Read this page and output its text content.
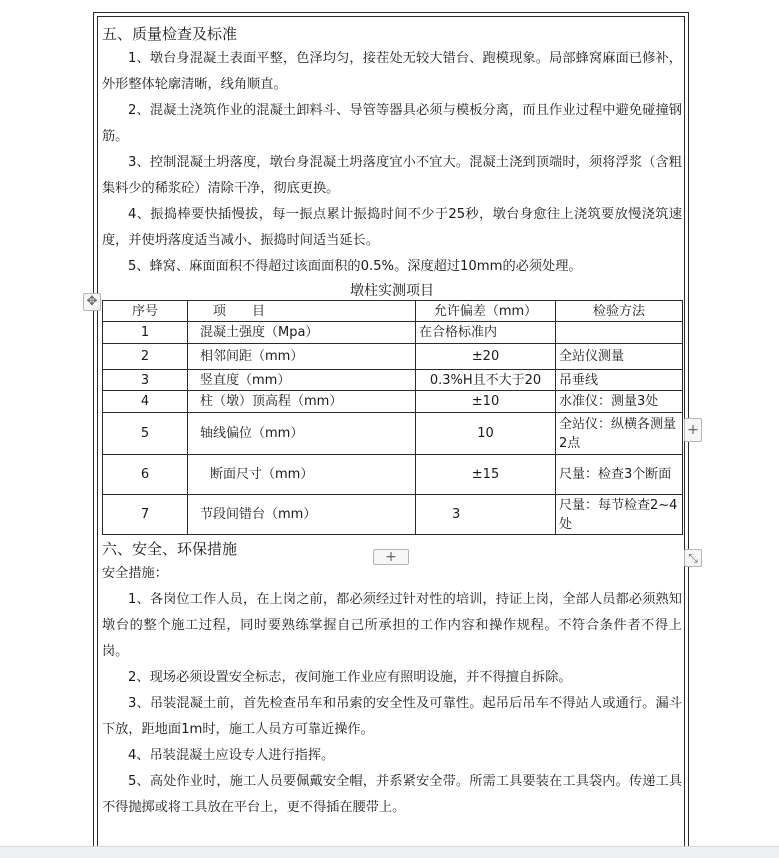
五、质量检查及标准

1、墩台身混凝土表面平整，色泽均匀，接茬处无较大错台、跑模现象。局部蜂窝麻面已修补，外形整体轮廓清晰，线角顺直。

2、混凝土浇筑作业的混凝土卸料斗、导管等器具必须与模板分离，而且作业过程中避免碰撞钢筋。

3、控制混凝土坍落度，墩台身混凝土坍落度宜小不宜大。混凝土浇到顶端时，须将浮浆（含粗集料少的稀浆砼）清除干净，彻底更换。

4、振捣棒要快插慢拔，每一振点累计振捣时间不少于25秒，墩台身愈往上浇筑要放慢浇筑速度，并使坍落度适当减小、振捣时间适当延长。

5、蜂窝、麻面面积不得超过该面面积的0.5%。深度超过10mm的必须处理。

墩柱实测项目
序号	项　　目	允许偏差（mm）	检验方法
1	混凝土强度（Mpa）	在合格标准内	
2	相邻间距（mm）	±20	全站仪测量
3	竖直度（mm）	0.3%H且不大于20	吊垂线
4	柱（墩）顶高程（mm）	±10	水准仪：测量3处
5	轴线偏位（mm）	10	全站仪：纵横各测量2点
6	断面尺寸（mm）	±15	尺量：检查3个断面
7	节段间错台（mm）	3	尺量：每节检查2~4处
六、安全、环保措施
安全措施：

1、各岗位工作人员，在上岗之前，都必须经过针对性的培训，持证上岗，全部人员都必须熟知墩台的整个施工过程，同时要熟练掌握自己所承担的工作内容和操作规程。不符合条件者不得上岗。

2、现场必须设置安全标志，夜间施工作业应有照明设施，并不得擅自拆除。

3、吊装混凝土前，首先检查吊车和吊索的安全性及可靠性。起吊后吊车不得站人或通行。漏斗下放，距地面1m时，施工人员方可靠近操作。

4、吊装混凝土应设专人进行指挥。

5、高处作业时，施工人员要佩戴安全帽，并系紧安全带。所需工具要装在工具袋内。传递工具不得抛掷或将工具放在平台上，更不得插在腰带上。

✥
+
+	⤡
